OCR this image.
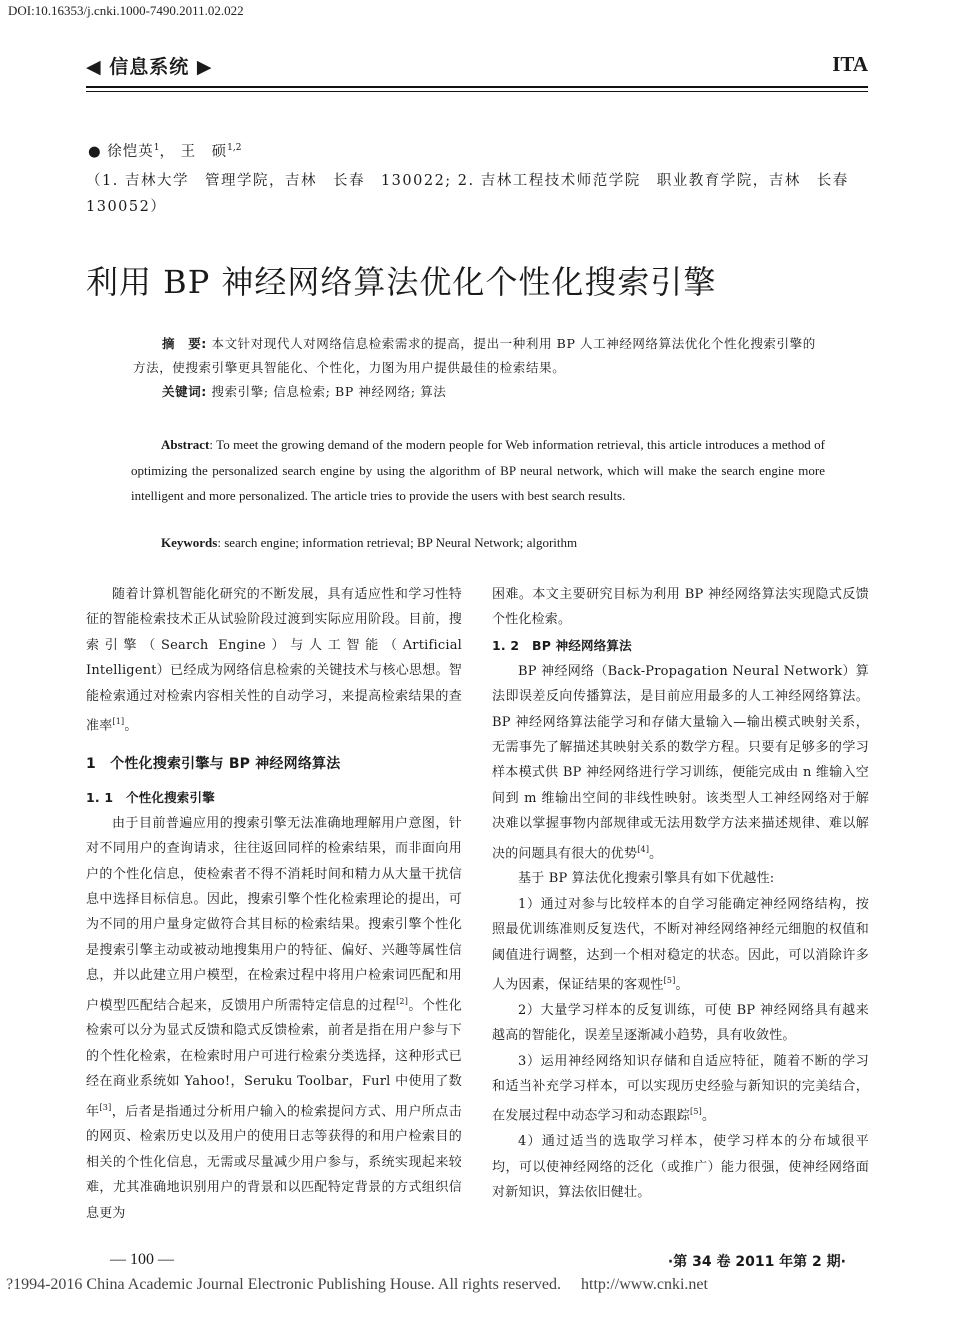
DOI:10.16353/j.cnki.1000-7490.2011.02.022
◀ 信息系统 ▶	ITA
● 徐恺英$^1$， 王　硕$^{1,2}$
（1. 吉林大学　管理学院，吉林　长春　130022; 2. 吉林工程技术师范学院　职业教育学院，吉林　长春　130052）
利用 BP 神经网络算法优化个性化搜索引擎
摘　要: 本文针对现代人对网络信息检索需求的提高，提出一种利用 BP 人工神经网络算法优化个性化搜索引擎的方法，使搜索引擎更具智能化、个性化，力图为用户提供最佳的检索结果。
关键词: 搜索引擎; 信息检索; BP 神经网络; 算法
Abstract: To meet the growing demand of the modern people for Web information retrieval, this article introduces a method of optimizing the personalized search engine by using the algorithm of BP neural network, which will make the search engine more intelligent and more personalized. The article tries to provide the users with best search results.
Keywords: search engine; information retrieval; BP Neural Network; algorithm

随着计算机智能化研究的不断发展，具有适应性和学习性特征的智能检索技术正从试验阶段过渡到实际应用阶段。目前，搜索引擎（Search Engine）与人工智能（Artificial Intelligent）已经成为网络信息检索的关键技术与核心思想。智能检索通过对检索内容相关性的自动学习，来提高检索结果的查准率[1]。

1　个性化搜索引擎与 BP 神经网络算法
1. 1　个性化搜索引擎

由于目前普遍应用的搜索引擎无法准确地理解用户意图，针对不同用户的查询请求，往往返回同样的检索结果，而非面向用户的个性化信息，使检索者不得不消耗时间和精力从大量干扰信息中选择目标信息。因此，搜索引擎个性化检索理论的提出，可为不同的用户量身定做符合其目标的检索结果。搜索引擎个性化是搜索引擎主动或被动地搜集用户的特征、偏好、兴趣等属性信息，并以此建立用户模型，在检索过程中将用户检索词匹配和用户模型匹配结合起来，反馈用户所需特定信息的过程[2]。个性化检索可以分为显式反馈和隐式反馈检索，前者是指在用户参与下的个性化检索，在检索时用户可进行检索分类选择，这种形式已经在商业系统如 Yahoo!，Seruku Toolbar，Furl 中使用了数年[3]，后者是指通过分析用户输入的检索提问方式、用户所点击的网页、检索历史以及用户的使用日志等获得的和用户检索目的相关的个性化信息，无需或尽量减少用户参与，系统实现起来较难，尤其准确地识别用户的背景和以匹配特定背景的方式组织信息更为

困难。本文主要研究目标为利用 BP 神经网络算法实现隐式反馈个性化检索。

1. 2　BP 神经网络算法

BP 神经网络（Back-Propagation Neural Network）算法即误差反向传播算法，是目前应用最多的人工神经网络算法。BP 神经网络算法能学习和存储大量输入—输出模式映射关系，无需事先了解描述其映射关系的数学方程。只要有足够多的学习样本模式供 BP 神经网络进行学习训练，便能完成由 n 维输入空间到 m 维输出空间的非线性映射。该类型人工神经网络对于解决难以掌握事物内部规律或无法用数学方法来描述规律、难以解决的问题具有很大的优势[4]。

基于 BP 算法优化搜索引擎具有如下优越性:

1）通过对参与比较样本的自学习能确定神经网络结构，按照最优训练准则反复迭代，不断对神经网络神经元细胞的权值和阈值进行调整，达到一个相对稳定的状态。因此，可以消除许多人为因素，保证结果的客观性[5]。

2）大量学习样本的反复训练，可使 BP 神经网络具有越来越高的智能化，误差呈逐渐减小趋势，具有收敛性。

3）运用神经网络知识存储和自适应特征，随着不断的学习和适当补充学习样本，可以实现历史经验与新知识的完美结合，在发展过程中动态学习和动态跟踪[5]。

4）通过适当的选取学习样本，使学习样本的分布域很平均，可以使神经网络的泛化（或推广）能力很强，使神经网络面对新知识，算法依旧健壮。

— 100 —	·第 34 卷 2011 年第 2 期·
?1994-2016 China Academic Journal Electronic Publishing House. All rights reserved.　 http://www.cnki.net
